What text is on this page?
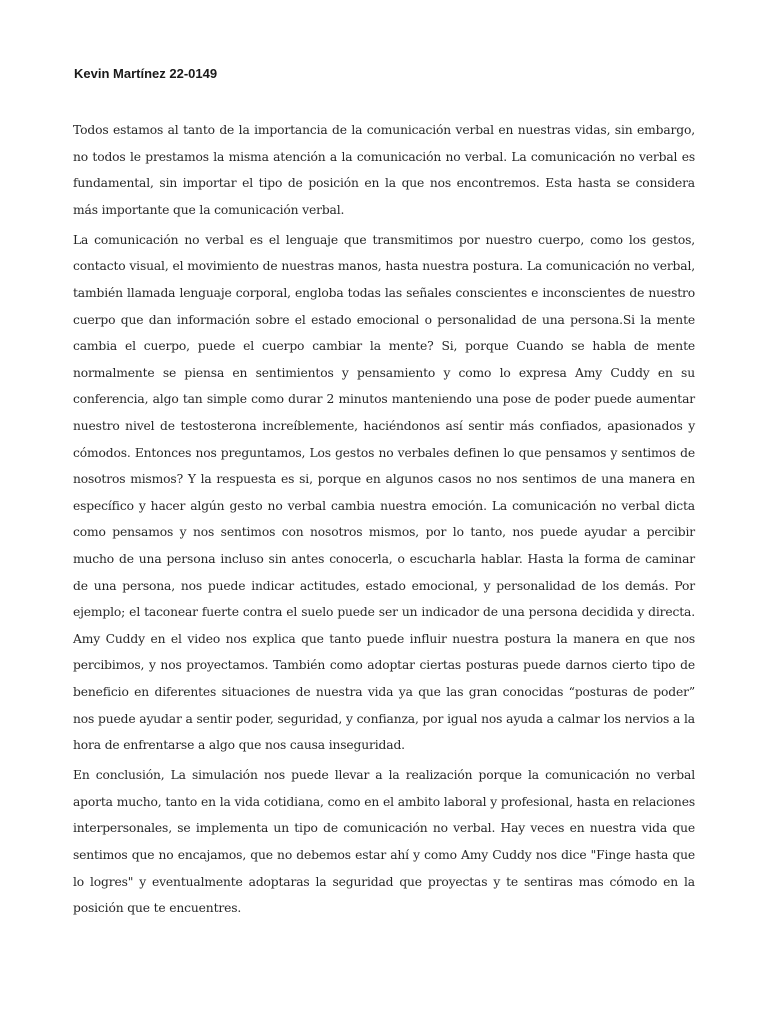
Kevin Martínez 22-0149

Todos estamos al tanto de la importancia de la comunicación verbal en nuestras vidas, sin embargo, no todos le prestamos la misma atención a la comunicación no verbal. La comunicación no verbal es fundamental, sin importar el tipo de posición en la que nos encontremos. Esta hasta se considera más importante que la comunicación verbal.

La comunicación no verbal es el lenguaje que transmitimos por nuestro cuerpo, como los gestos, contacto visual, el movimiento de nuestras manos, hasta nuestra postura. La comunicación no verbal, también llamada lenguaje corporal, engloba todas las señales conscientes e inconscientes de nuestro cuerpo que dan información sobre el estado emocional o personalidad de una persona.Si la mente cambia el cuerpo, puede el cuerpo cambiar la mente? Si, porque Cuando se habla de mente normalmente se piensa en sentimientos y pensamiento y como lo expresa Amy Cuddy en su conferencia, algo tan simple como durar 2 minutos manteniendo una pose de poder puede aumentar nuestro nivel de testosterona increíblemente, haciéndonos así sentir más confiados, apasionados y cómodos. Entonces nos preguntamos, Los gestos no verbales definen lo que pensamos y sentimos de nosotros mismos? Y la respuesta es si, porque en algunos casos no nos sentimos de una manera en específico y hacer algún gesto no verbal cambia nuestra emoción. La comunicación no verbal dicta como pensamos y nos sentimos con nosotros mismos, por lo tanto, nos puede ayudar a percibir mucho de una persona incluso sin antes conocerla, o escucharla hablar. Hasta la forma de caminar de una persona, nos puede indicar actitudes, estado emocional, y personalidad de los demás. Por ejemplo; el taconear fuerte contra el suelo puede ser un indicador de una persona decidida y directa. Amy Cuddy en el video nos explica que tanto puede influir nuestra postura la manera en que nos percibimos, y nos proyectamos. También como adoptar ciertas posturas puede darnos cierto tipo de beneficio en diferentes situaciones de nuestra vida ya que las gran conocidas “posturas de poder” nos puede ayudar a sentir poder, seguridad, y confianza, por igual nos ayuda a calmar los nervios a la hora de enfrentarse a algo que nos causa inseguridad.

En conclusión, La simulación nos puede llevar a la realización porque la comunicación no verbal aporta mucho, tanto en la vida cotidiana, como en el ambito laboral y profesional, hasta en relaciones interpersonales, se implementa un tipo de comunicación no verbal. Hay veces en nuestra vida que sentimos que no encajamos, que no debemos estar ahí y como Amy Cuddy nos dice "Finge hasta que lo logres" y eventualmente adoptaras la seguridad que proyectas y te sentiras mas cómodo en la posición que te encuentres.
